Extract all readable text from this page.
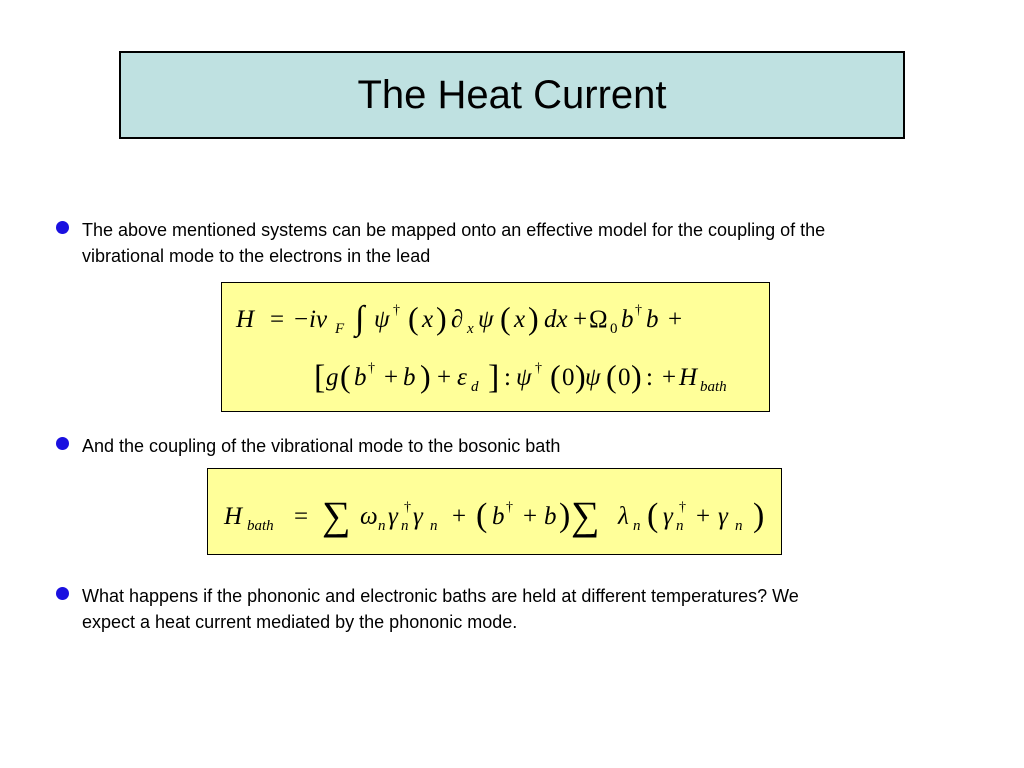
The Heat Current
The above mentioned systems can be mapped onto an effective model for the coupling of the vibrational mode to the electrons in the lead
H = − iv F ∫ ψ † ( x ) ∂ x ψ ( x ) dx + Ω 0 b † b +
[ g ( b † + b ) + ε d ] : ψ † ( 0 ) ψ ( 0 ) : + H bath
And the coupling of the vibrational mode to the bosonic bath
H bath = ∑ ω n γ † n γ n + ( b † + b ) ∑ λ n ( γ † n + γ n )
What happens if the phononic and electronic baths are held at different temperatures? We expect a heat current mediated by the phononic mode.
